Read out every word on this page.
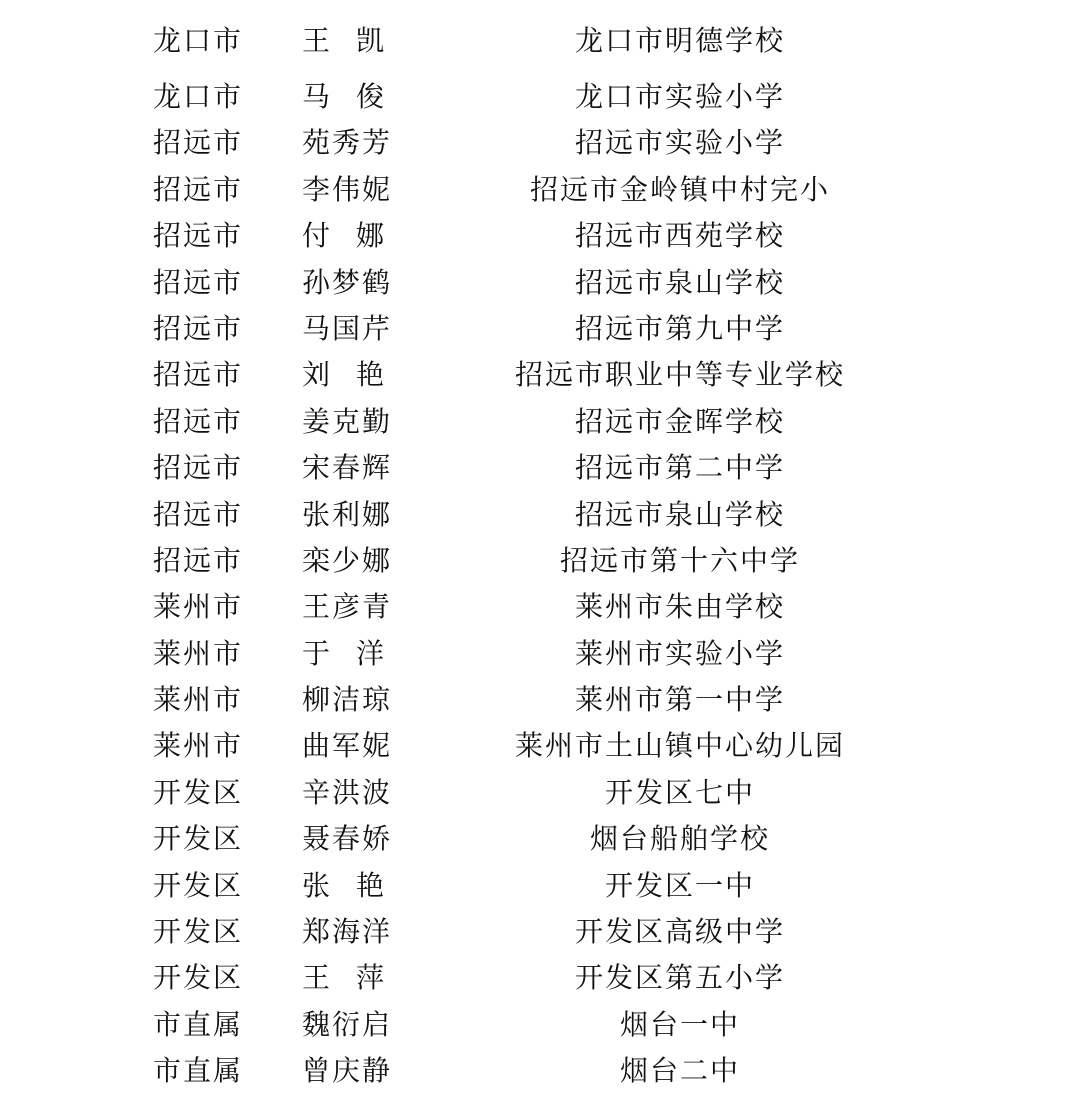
龙口市 王凯	龙口市明德学校
龙口市 马俊	龙口市实验小学
招远市 苑秀芳	招远市实验小学
招远市 李伟妮	招远市金岭镇中村完小
招远市 付娜	招远市西苑学校
招远市 孙梦鹤	招远市泉山学校
招远市 马国芹	招远市第九中学
招远市 刘艳	招远市职业中等专业学校
招远市 姜克勤	招远市金晖学校
招远市 宋春辉	招远市第二中学
招远市 张利娜	招远市泉山学校
招远市 栾少娜	招远市第十六中学
莱州市 王彦青	莱州市朱由学校
莱州市 于洋	莱州市实验小学
莱州市 柳洁琼	莱州市第一中学
莱州市 曲军妮	莱州市土山镇中心幼儿园
开发区 辛洪波	开发区七中
开发区 聂春娇	烟台船舶学校
开发区 张艳	开发区一中
开发区 郑海洋	开发区高级中学
开发区 王萍	开发区第五小学
市直属 魏衍启	烟台一中
市直属 曾庆静	烟台二中
